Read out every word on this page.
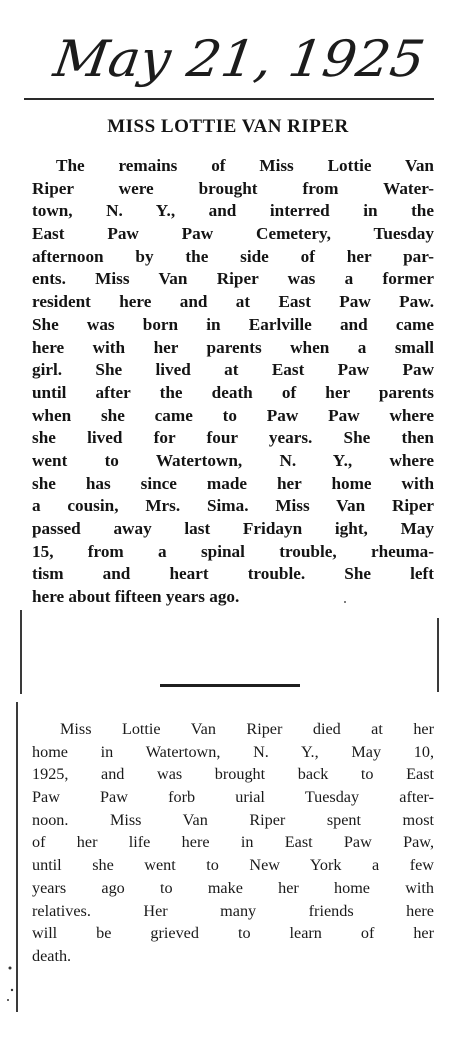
May 21, 1925
MISS LOTTIE VAN RIPER
The remains of Miss Lottie Van
Riper were brought from Water-
town, N. Y., and interred in the
East Paw Paw Cemetery, Tuesday
afternoon by the side of her par-
ents. Miss Van Riper was a former
resident here and at East Paw Paw.
She was born in Earlville and came
here with her parents when a small
girl. She lived at East Paw Paw
until after the death of her parents
when she came to Paw Paw where
she lived for four years. She then
went to Watertown, N. Y., where
she has since made her home with
a cousin, Mrs. Sima. Miss Van Riper
passed away last Fridayn ight, May
15, from a spinal trouble, rheuma-
tism and heart trouble. She left
here about fifteen years ago.
Miss Lottie Van Riper died at her
home in Watertown, N. Y., May 10,
1925, and was brought back to East
Paw Paw forb urial Tuesday after-
noon. Miss Van Riper spent most
of her life here in East Paw Paw,
until she went to New York a few
years ago to make her home with
relatives. Her many friends here
will be grieved to learn of her
death.
